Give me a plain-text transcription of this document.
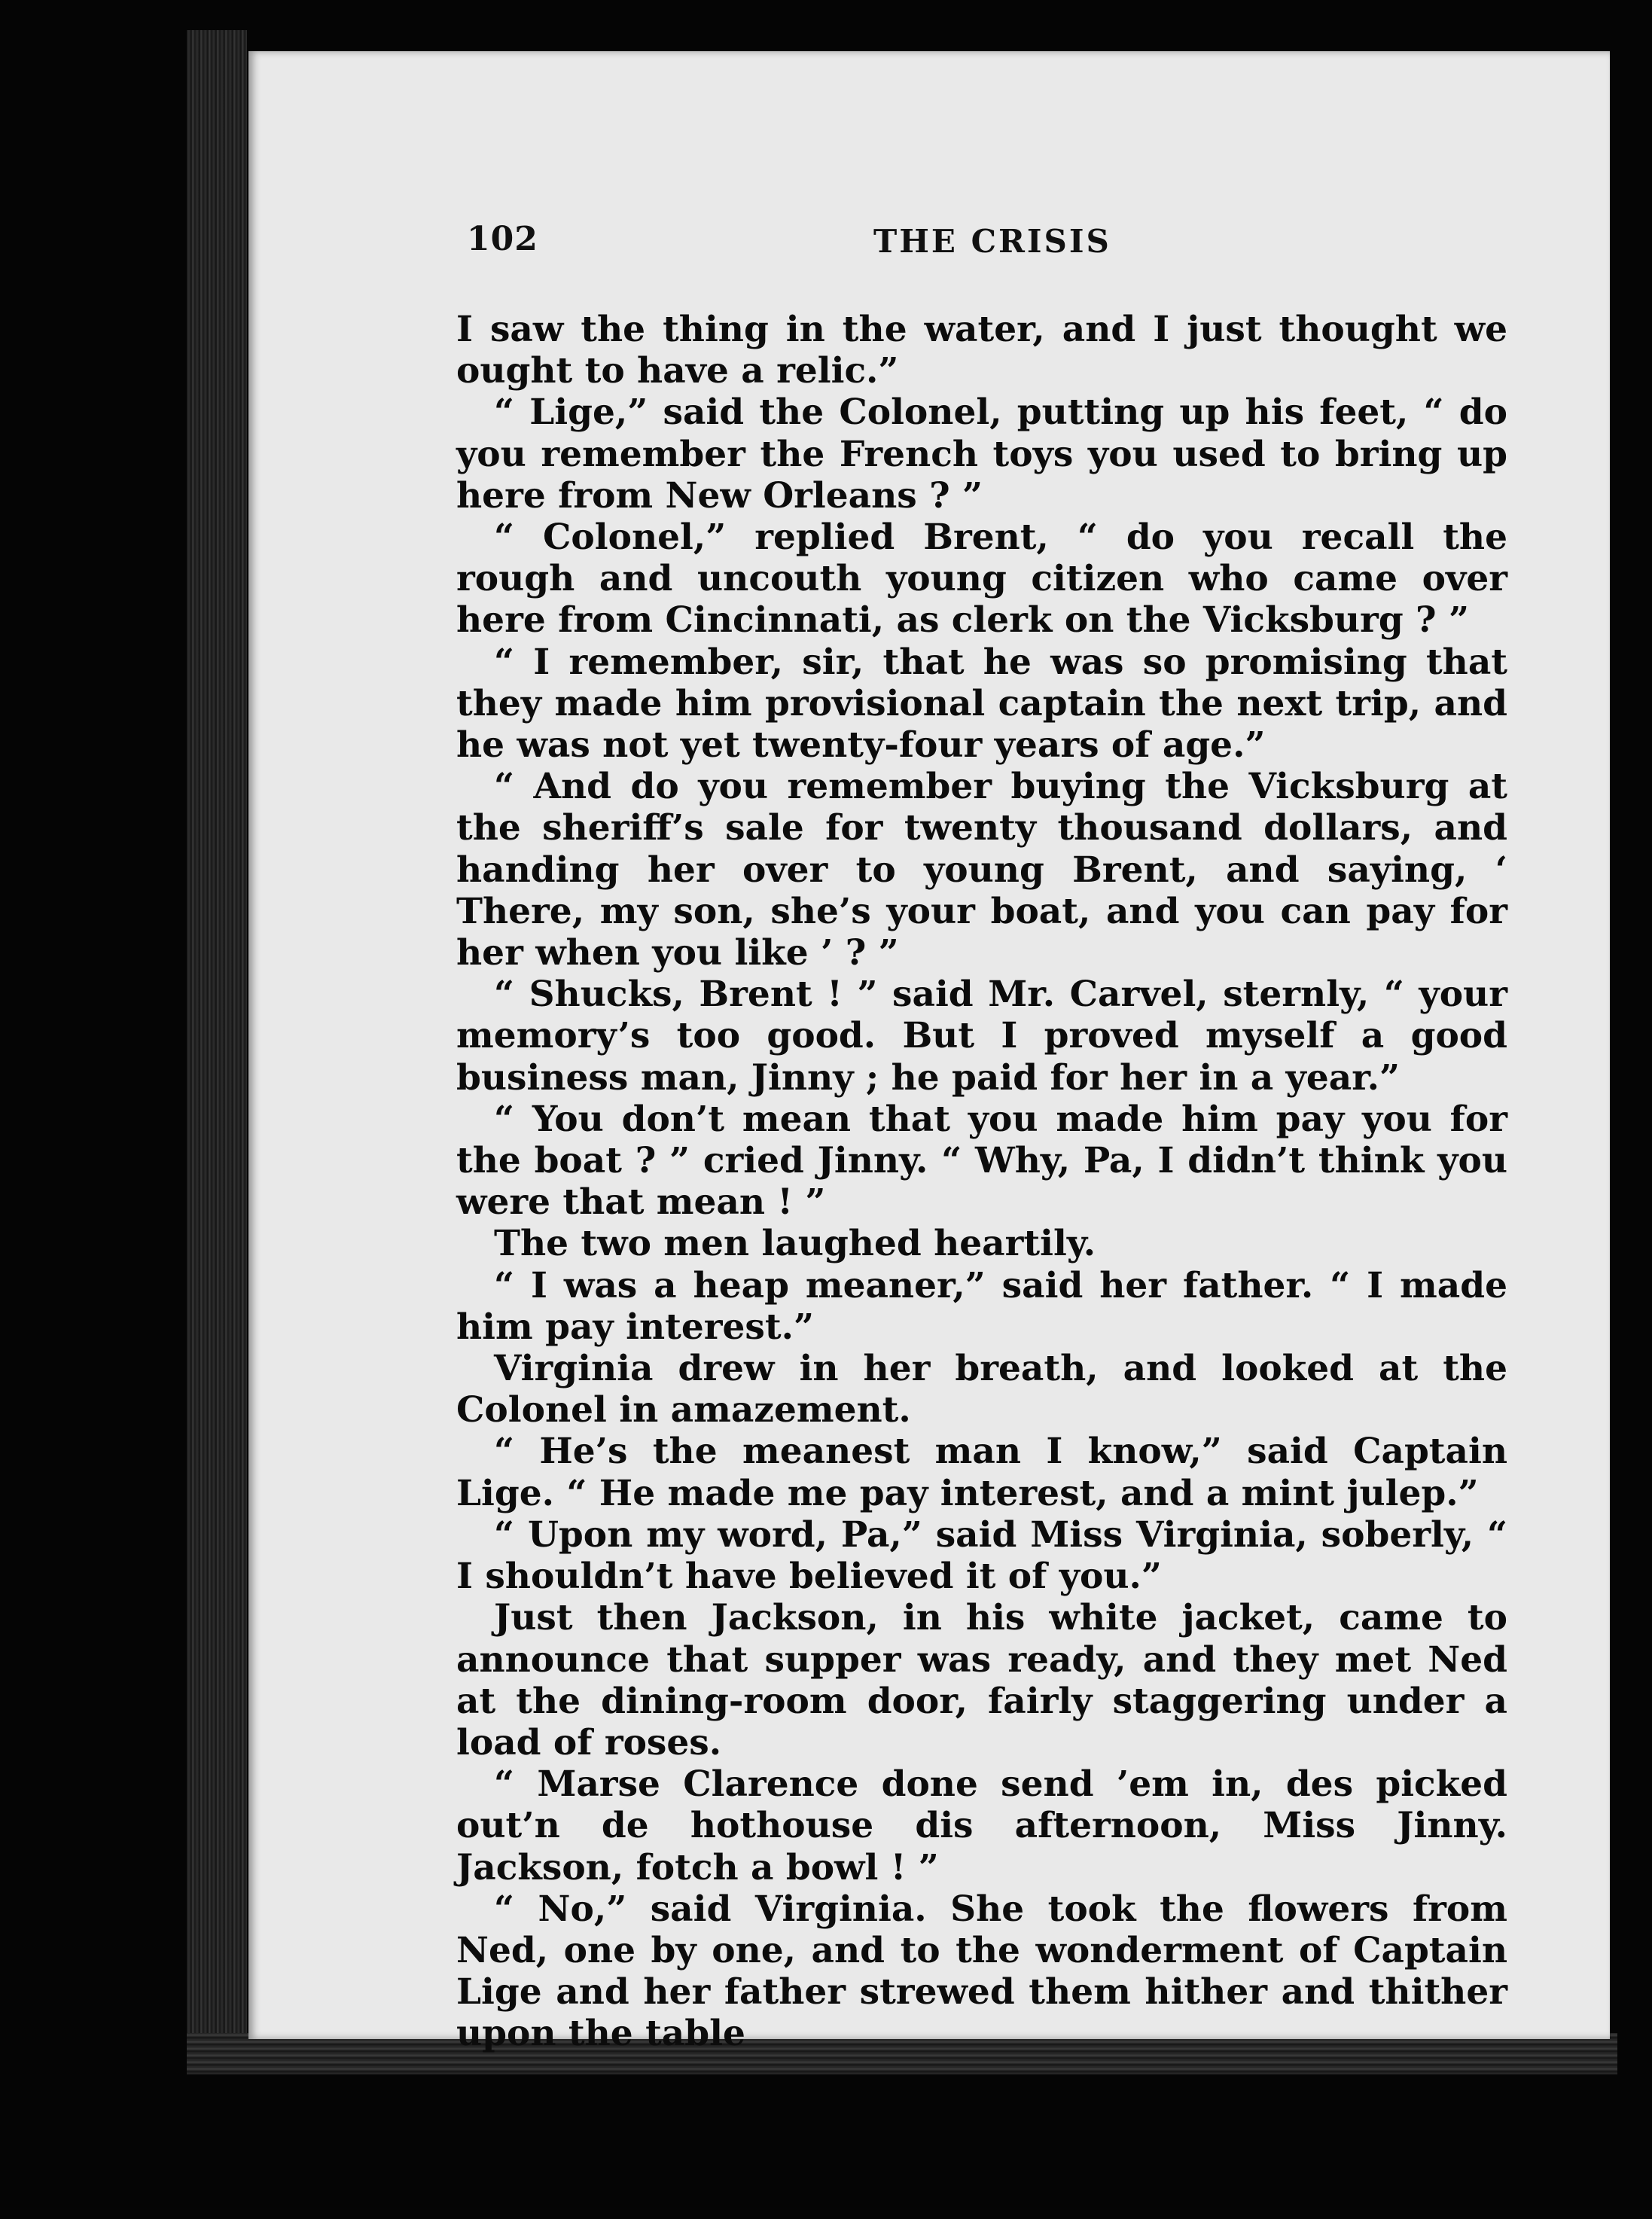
102	THE CRISIS

I saw the thing in the water, and I just thought we ought to have a relic.”

“ Lige,” said the Colonel, putting up his feet, “ do you remember the French toys you used to bring up here from New Orleans ? ”

“ Colonel,” replied Brent, “ do you recall the rough and uncouth young citizen who came over here from Cincinnati, as clerk on the Vicksburg ? ”

“ I remember, sir, that he was so promising that they made him provisional captain the next trip, and he was not yet twenty-four years of age.”

“ And do you remember buying the Vicksburg at the sheriff’s sale for twenty thousand dollars, and handing her over to young Brent, and saying, ‘ There, my son, she’s your boat, and you can pay for her when you like ’ ? ”

“ Shucks, Brent ! ” said Mr. Carvel, sternly, “ your memory’s too good. But I proved myself a good business man, Jinny ; he paid for her in a year.”

“ You don’t mean that you made him pay you for the boat ? ” cried Jinny. “ Why, Pa, I didn’t think you were that mean ! ”

The two men laughed heartily.

“ I was a heap meaner,” said her father. “ I made him pay interest.”

Virginia drew in her breath, and looked at the Colonel in amazement.

“ He’s the meanest man I know,” said Captain Lige. “ He made me pay interest, and a mint julep.”

“ Upon my word, Pa,” said Miss Virginia, soberly, “ I shouldn’t have believed it of you.”

Just then Jackson, in his white jacket, came to announce that supper was ready, and they met Ned at the dining-room door, fairly staggering under a load of roses.

“ Marse Clarence done send ’em in, des picked out’n de hothouse dis afternoon, Miss Jinny. Jackson, fotch a bowl ! ”

“ No,” said Virginia. She took the flowers from Ned, one by one, and to the wonderment of Captain Lige and her father strewed them hither and thither upon the table
